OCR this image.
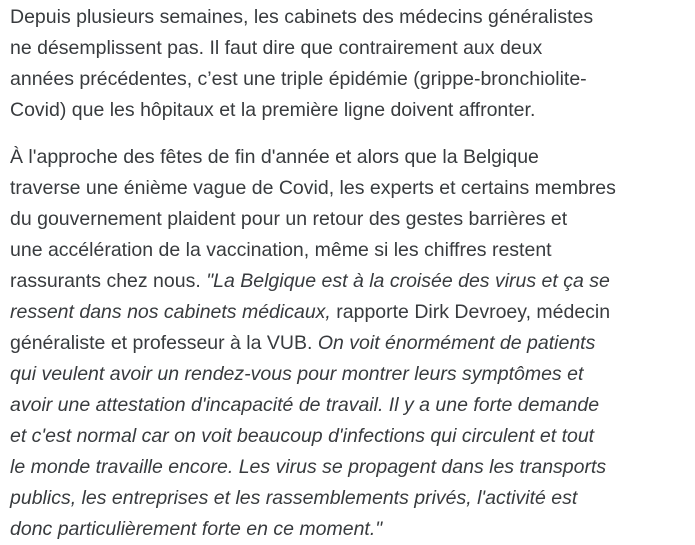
Depuis plusieurs semaines, les cabinets des médecins généralistes
ne désemplissent pas. Il faut dire que contrairement aux deux
années précédentes, c’est une triple épidémie (grippe-bronchiolite-
Covid) que les hôpitaux et la première ligne doivent affronter.

À l'approche des fêtes de fin d'année et alors que la Belgique
traverse une énième vague de Covid, les experts et certains membres
du gouvernement plaident pour un retour des gestes barrières et
une accélération de la vaccination, même si les chiffres restent
rassurants chez nous. "La Belgique est à la croisée des virus et ça se
ressent dans nos cabinets médicaux, rapporte Dirk Devroey, médecin
généraliste et professeur à la VUB. On voit énormément de patients
qui veulent avoir un rendez-vous pour montrer leurs symptômes et
avoir une attestation d'incapacité de travail. Il y a une forte demande
et c'est normal car on voit beaucoup d'infections qui circulent et tout
le monde travaille encore. Les virus se propagent dans les transports
publics, les entreprises et les rassemblements privés, l'activité est
donc particulièrement forte en ce moment."
